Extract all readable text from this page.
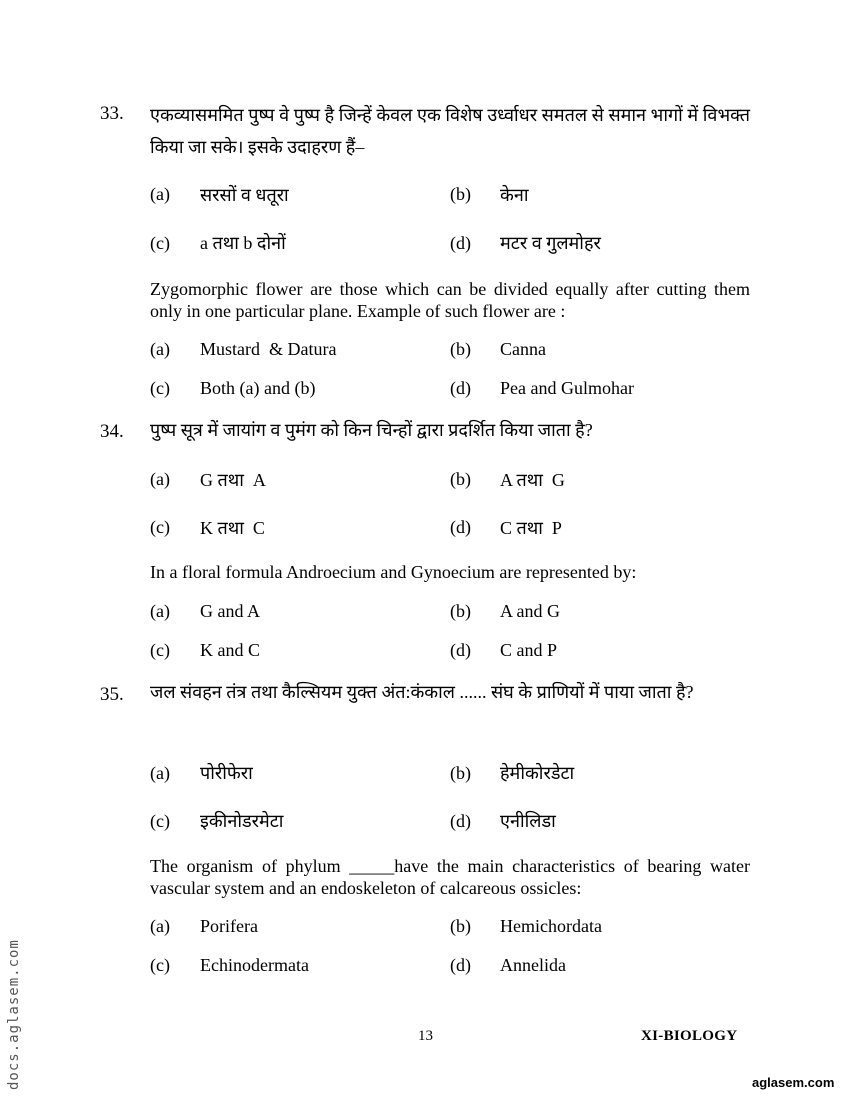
33. एकव्यासममित पुष्प वे पुष्प है जिन्हें केवल एक विशेष उर्ध्वाधर समतल से समान भागों में विभक्त किया जा सके। इसके उदाहरण हैं–
(a) सरसों व धतूरा	(b) केना
(c) a तथा b दोनों	(d) मटर व गुलमोहर
Zygomorphic flower are those which can be divided equally after cutting them only in one particular plane. Example of such flower are :
(a) Mustard  & Datura	(b) Canna
(c) Both (a) and (b)	(d) Pea and Gulmohar
34. पुष्प सूत्र में जायांग व पुमंग को किन चिन्हों द्वारा प्रदर्शित किया जाता है?
(a) G तथा  A	(b) A तथा  G
(c) K तथा  C	(d) C तथा  P
In a floral formula Androecium and Gynoecium are represented by:
(a) G and A	(b) A and G
(c) K and C	(d) C and P
35. जल संवहन तंत्र तथा कैल्सियम युक्त अंत:कंकाल ...... संघ के प्राणियों में पाया जाता है?
(a) पोरीफेरा	(b) हेमीकोरडेटा
(c) इकीनोडरमेटा	(d) एनीलिडा
The organism of phylum _____have the main characteristics of bearing water vascular system and an endoskeleton of calcareous ossicles:
(a) Porifera	(b) Hemichordata
(c) Echinodermata	(d) Annelida
13	XI-BIOLOGY
aglasem.com
docs.aglasem.com
